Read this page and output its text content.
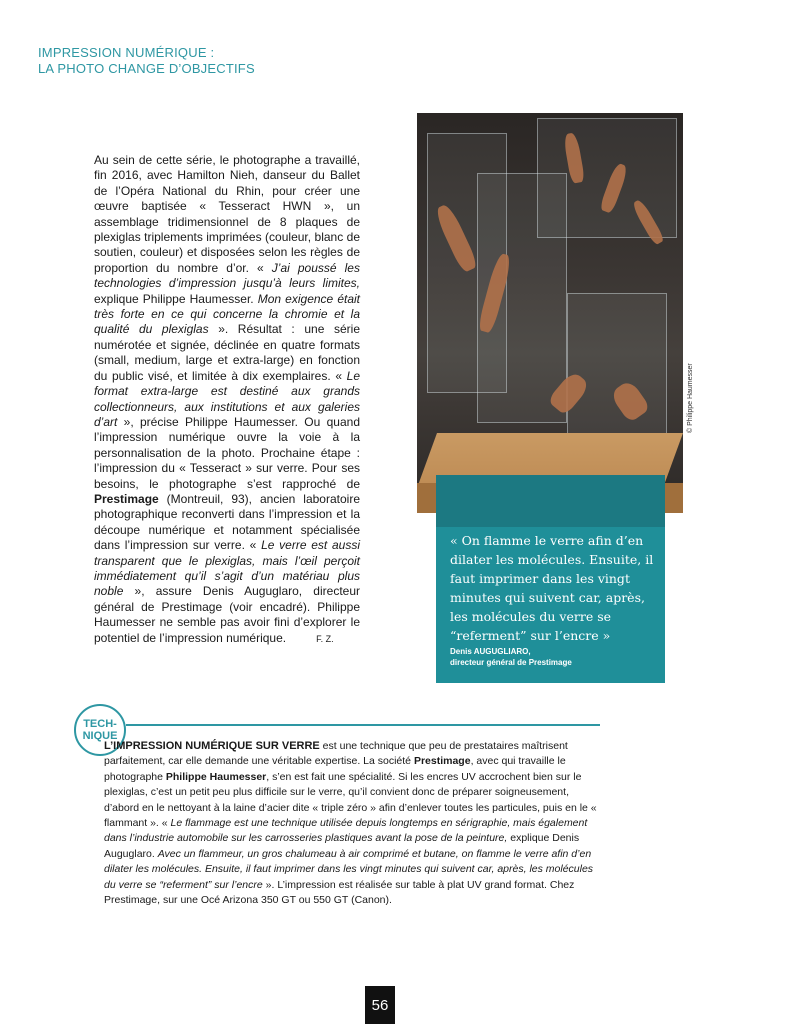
IMPRESSION NUMÉRIQUE :
LA PHOTO CHANGE D’OBJECTIFS
Au sein de cette série, le photographe a travaillé, fin 2016, avec Hamilton Nieh, danseur du Ballet de l’Opéra National du Rhin, pour créer une œuvre baptisée « Tesseract HWN », un assemblage tridimensionnel de 8 plaques de plexiglas triplements imprimées (couleur, blanc de soutien, couleur) et disposées selon les règles de proportion du nombre d’or. « J’ai poussé les technologies d’impression jusqu’à leurs limites, explique Philippe Haumesser. Mon exigence était très forte en ce qui concerne la chromie et la qualité du plexiglas ». Résultat : une série numérotée et signée, déclinée en quatre formats (small, medium, large et extra-large) en fonction du public visé, et limitée à dix exemplaires. « Le format extra-large est destiné aux grands collectionneurs, aux institutions et aux galeries d’art », précise Philippe Haumesser. Ou quand l’impression numérique ouvre la voie à la personnalisation de la photo. Prochaine étape : l’impression du « Tesseract » sur verre. Pour ses besoins, le photographe s’est rapproché de Prestimage (Montreuil, 93), ancien laboratoire photographique reconverti dans l’impression et la découpe numérique et notamment spécialisée dans l’impression sur verre. « Le verre est aussi transparent que le plexiglas, mais l’œil perçoit immédiatement qu’il s’agit d’un matériau plus noble », assure Denis Auguglaro, directeur général de Prestimage (voir encadré). Philippe Haumesser ne semble pas avoir fini d’explorer le potentiel de l’impression numérique.	F. Z.
© Philippe Haumesser
« On flamme le verre afin d’en dilater les molécules. Ensuite, il faut imprimer dans les vingt minutes qui suivent car, après, les molécules du verre se “referment” sur l’encre »
Denis AUGUGLIARO,
directeur général de Prestimage
TECH-
NIQUE
L’IMPRESSION NUMÉRIQUE SUR VERRE est une technique que peu de prestataires maîtrisent parfaitement, car elle demande une véritable expertise. La société Prestimage, avec qui travaille le photographe Philippe Haumesser, s’en est fait une spécialité. Si les encres UV accrochent bien sur le plexiglas, c’est un petit peu plus difficile sur le verre, qu’il convient donc de préparer soigneusement, d’abord en le nettoyant à la laine d’acier dite « triple zéro » afin d’enlever toutes les particules, puis en le « flammant ». « Le flammage est une technique utilisée depuis longtemps en sérigraphie, mais également dans l’industrie automobile sur les carrosseries plastiques avant la pose de la peinture, explique Denis Auguglaro. Avec un flammeur, un gros chalumeau à air comprimé et butane, on flamme le verre afin d’en dilater les molécules. Ensuite, il faut imprimer dans les vingt minutes qui suivent car, après, les molécules du verre se “referment” sur l’encre ». L’impression est réalisée sur table à plat UV grand format. Chez Prestimage, sur une Océ Arizona 350 GT ou 550 GT (Canon).
56
